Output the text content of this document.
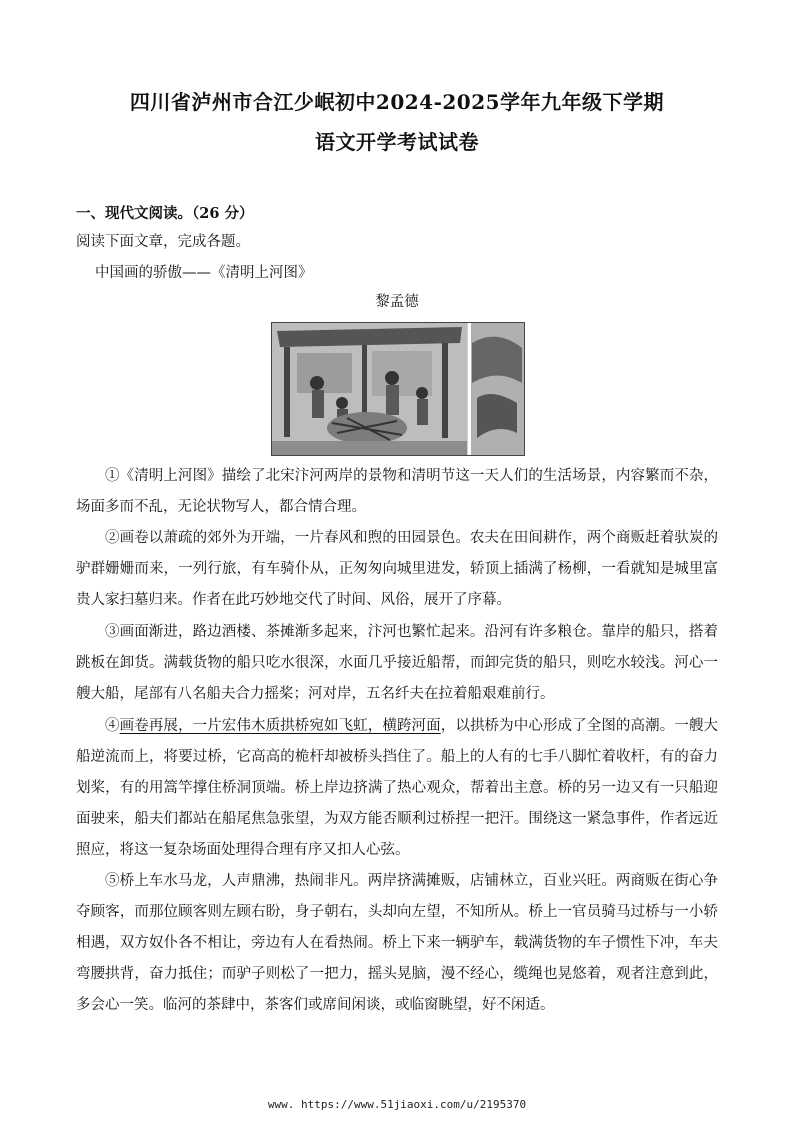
四川省泸州市合江少岷初中2024-2025学年九年级下学期
语文开学考试试卷
一、现代文阅读。（26 分）
阅读下面文章，完成各题。
中国画的骄傲——《清明上河图》
黎孟德
①《清明上河图》描绘了北宋汴河两岸的景物和清明节这一天人们的生活场景，内容繁而不杂，场面多而不乱，无论状物写人，都合情合理。
②画卷以萧疏的郊外为开端，一片春风和煦的田园景色。农夫在田间耕作，两个商贩赶着驮炭的驴群姗姗而来，一列行旅，有车骑仆从，正匆匆向城里进发，轿顶上插满了杨柳，一看就知是城里富贵人家扫墓归来。作者在此巧妙地交代了时间、风俗，展开了序幕。
③画面渐进，路边酒楼、茶摊渐多起来，汴河也繁忙起来。沿河有许多粮仓。靠岸的船只，搭着跳板在卸货。满载货物的船只吃水很深，水面几乎接近船帮，而卸完货的船只，则吃水较浅。河心一艘大船，尾部有八名船夫合力摇桨；河对岸，五名纤夫在拉着船艰难前行。
④画卷再展，一片宏伟木质拱桥宛如飞虹，横跨河面，以拱桥为中心形成了全图的高潮。一艘大船逆流而上，将要过桥，它高高的桅杆却被桥头挡住了。船上的人有的七手八脚忙着收杆，有的奋力划桨，有的用篙竿撑住桥洞顶端。桥上岸边挤满了热心观众，帮着出主意。桥的另一边又有一只船迎面驶来，船夫们都站在船尾焦急张望，为双方能否顺利过桥捏一把汗。围绕这一紧急事件，作者远近照应，将这一复杂场面处理得合理有序又扣人心弦。
⑤桥上车水马龙，人声鼎沸，热闹非凡。两岸挤满摊贩，店铺林立，百业兴旺。两商贩在街心争夺顾客，而那位顾客则左顾右盼，身子朝右，头却向左望，不知所从。桥上一官员骑马过桥与一小轿相遇，双方奴仆各不相让，旁边有人在看热闹。桥上下来一辆驴车，载满货物的车子惯性下冲，车夫弯腰拱背，奋力抵住；而驴子则松了一把力，摇头晃脑，漫不经心，缆绳也晃悠着，观者注意到此，多会心一笑。临河的茶肆中，茶客们或席间闲谈，或临窗眺望，好不闲适。
www. https://www.51jiaoxi.com/u/2195370
